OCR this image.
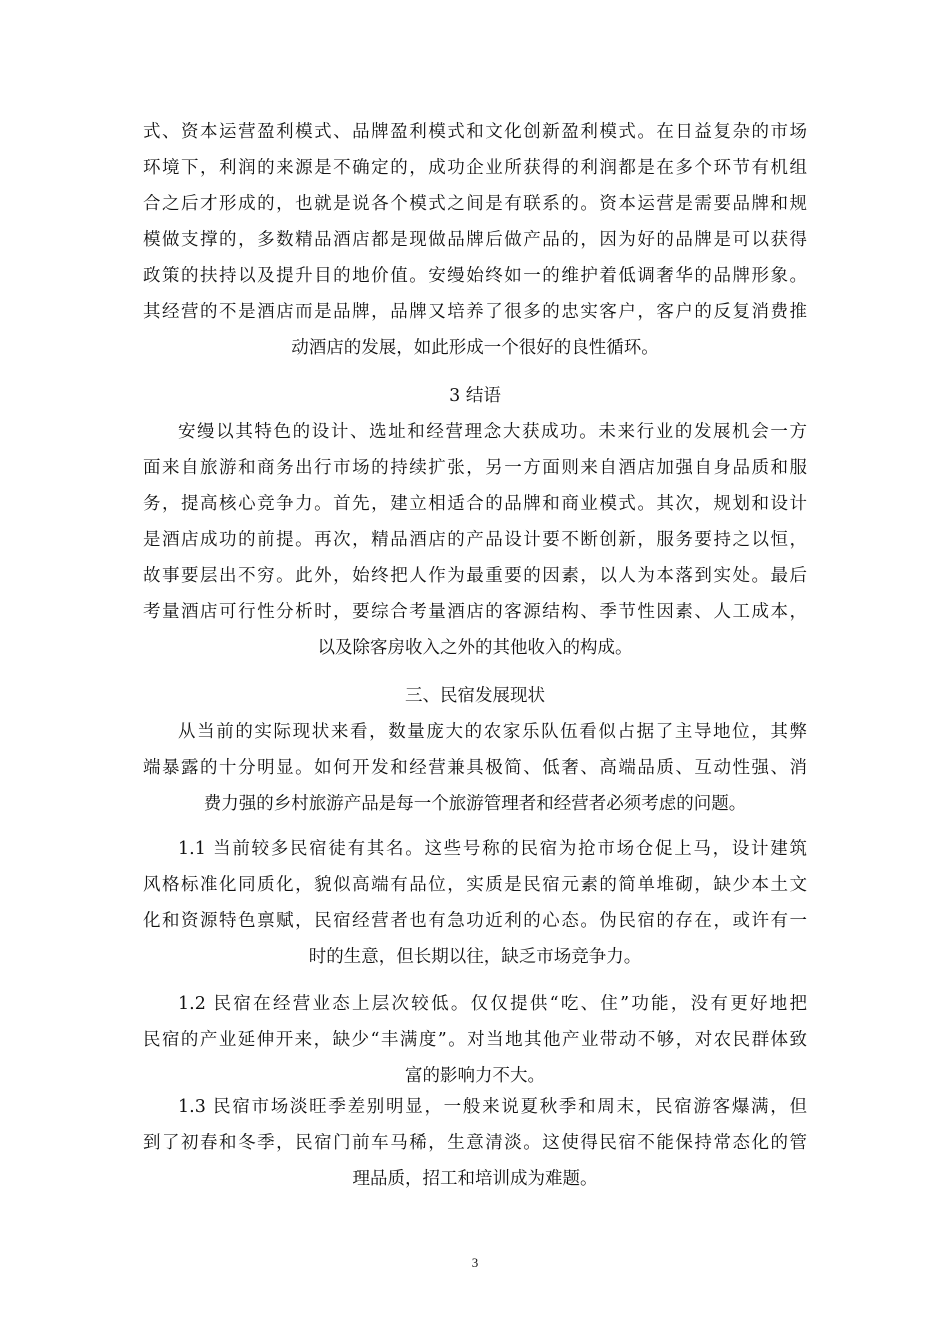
式、资本运营盈利模式、品牌盈利模式和文化创新盈利模式。在日益复杂的市场
环境下，利润的来源是不确定的，成功企业所获得的利润都是在多个环节有机组
合之后才形成的，也就是说各个模式之间是有联系的。资本运营是需要品牌和规
模做支撑的，多数精品酒店都是现做品牌后做产品的，因为好的品牌是可以获得
政策的扶持以及提升目的地价值。安缦始终如一的维护着低调奢华的品牌形象。
其经营的不是酒店而是品牌，品牌又培养了很多的忠实客户，客户的反复消费推
动酒店的发展，如此形成一个很好的良性循环。
3 结语
安缦以其特色的设计、选址和经营理念大获成功。未来行业的发展机会一方
面来自旅游和商务出行市场的持续扩张，另一方面则来自酒店加强自身品质和服
务，提高核心竞争力。首先，建立相适合的品牌和商业模式。其次，规划和设计
是酒店成功的前提。再次，精品酒店的产品设计要不断创新，服务要持之以恒，
故事要层出不穷。此外，始终把人作为最重要的因素，以人为本落到实处。最后
考量酒店可行性分析时，要综合考量酒店的客源结构、季节性因素、人工成本，
以及除客房收入之外的其他收入的构成。
三、民宿发展现状
从当前的实际现状来看，数量庞大的农家乐队伍看似占据了主导地位，其弊
端暴露的十分明显。如何开发和经营兼具极简、低奢、高端品质、互动性强、消
费力强的乡村旅游产品是每一个旅游管理者和经营者必须考虑的问题。
1.1 当前较多民宿徒有其名。这些号称的民宿为抢市场仓促上马，设计建筑
风格标准化同质化，貌似高端有品位，实质是民宿元素的简单堆砌，缺少本土文
化和资源特色禀赋，民宿经营者也有急功近利的心态。伪民宿的存在，或许有一
时的生意，但长期以往，缺乏市场竞争力。
1.2 民宿在经营业态上层次较低。仅仅提供“吃、住”功能，没有更好地把
民宿的产业延伸开来，缺少“丰满度”。对当地其他产业带动不够，对农民群体致
富的影响力不大。
1.3 民宿市场淡旺季差别明显，一般来说夏秋季和周末，民宿游客爆满，但
到了初春和冬季，民宿门前车马稀，生意清淡。这使得民宿不能保持常态化的管
理品质，招工和培训成为难题。
3
